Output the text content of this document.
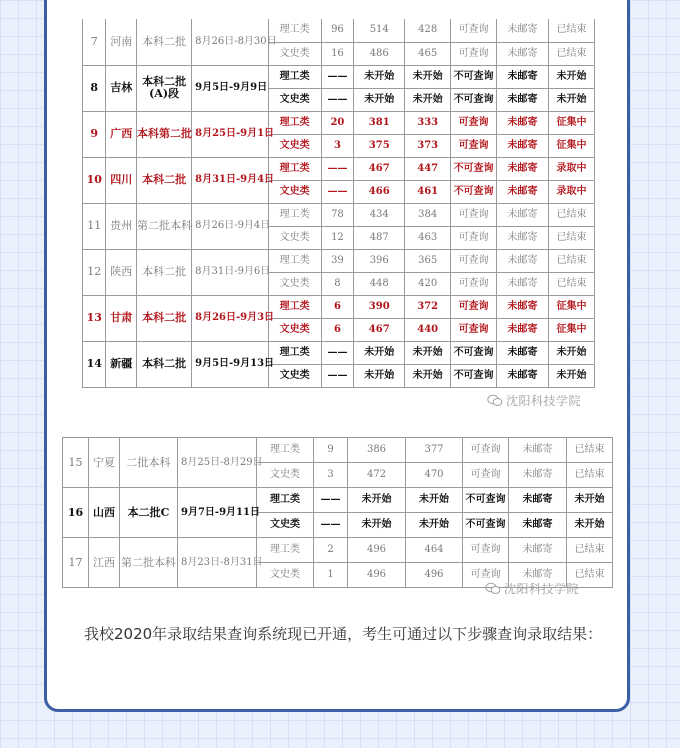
7	河南	本科二批	8月26日-8月30日	理工类	96	514	428	可查询	未邮寄	已结束
				文史类	16	486	465	可查询	未邮寄	已结束
8	吉林	本科二批(A)段	9月5日-9月9日	理工类	——	未开始	未开始	不可查询	未邮寄	未开始
				文史类	——	未开始	未开始	不可查询	未邮寄	未开始
9	广西	本科第二批	8月25日-9月1日	理工类	20	381	333	可查询	未邮寄	征集中
				文史类	3	375	373	可查询	未邮寄	征集中
10	四川	本科二批	8月31日-9月4日	理工类	——	467	447	不可查询	未邮寄	录取中
				文史类	——	466	461	不可查询	未邮寄	录取中
11	贵州	第二批本科	8月26日-9月4日	理工类	78	434	384	可查询	未邮寄	已结束
				文史类	12	487	463	可查询	未邮寄	已结束
12	陕西	本科二批	8月31日-9月6日	理工类	39	396	365	可查询	未邮寄	已结束
				文史类	8	448	420	可查询	未邮寄	已结束
13	甘肃	本科二批	8月26日-9月3日	理工类	6	390	372	可查询	未邮寄	征集中
				文史类	6	467	440	可查询	未邮寄	征集中
14	新疆	本科二批	9月5日-9月13日	理工类	——	未开始	未开始	不可查询	未邮寄	未开始
				文史类	——	未开始	未开始	不可查询	未邮寄	未开始
沈阳科技学院
15	宁夏	二批本科	8月25日-8月29日	理工类	9	386	377	可查询	未邮寄	已结束
				文史类	3	472	470	可查询	未邮寄	已结束
16	山西	本二批C	9月7日-9月11日	理工类	——	未开始	未开始	不可查询	未邮寄	未开始
				文史类	——	未开始	未开始	不可查询	未邮寄	未开始
17	江西	第二批本科	8月23日-8月31日	理工类	2	496	464	可查询	未邮寄	已结束
				文史类	1	496	496	可查询	未邮寄	已结束
沈阳科技学院

我校2020年录取结果查询系统现已开通，考生可通过以下步骤查询录取结果：
